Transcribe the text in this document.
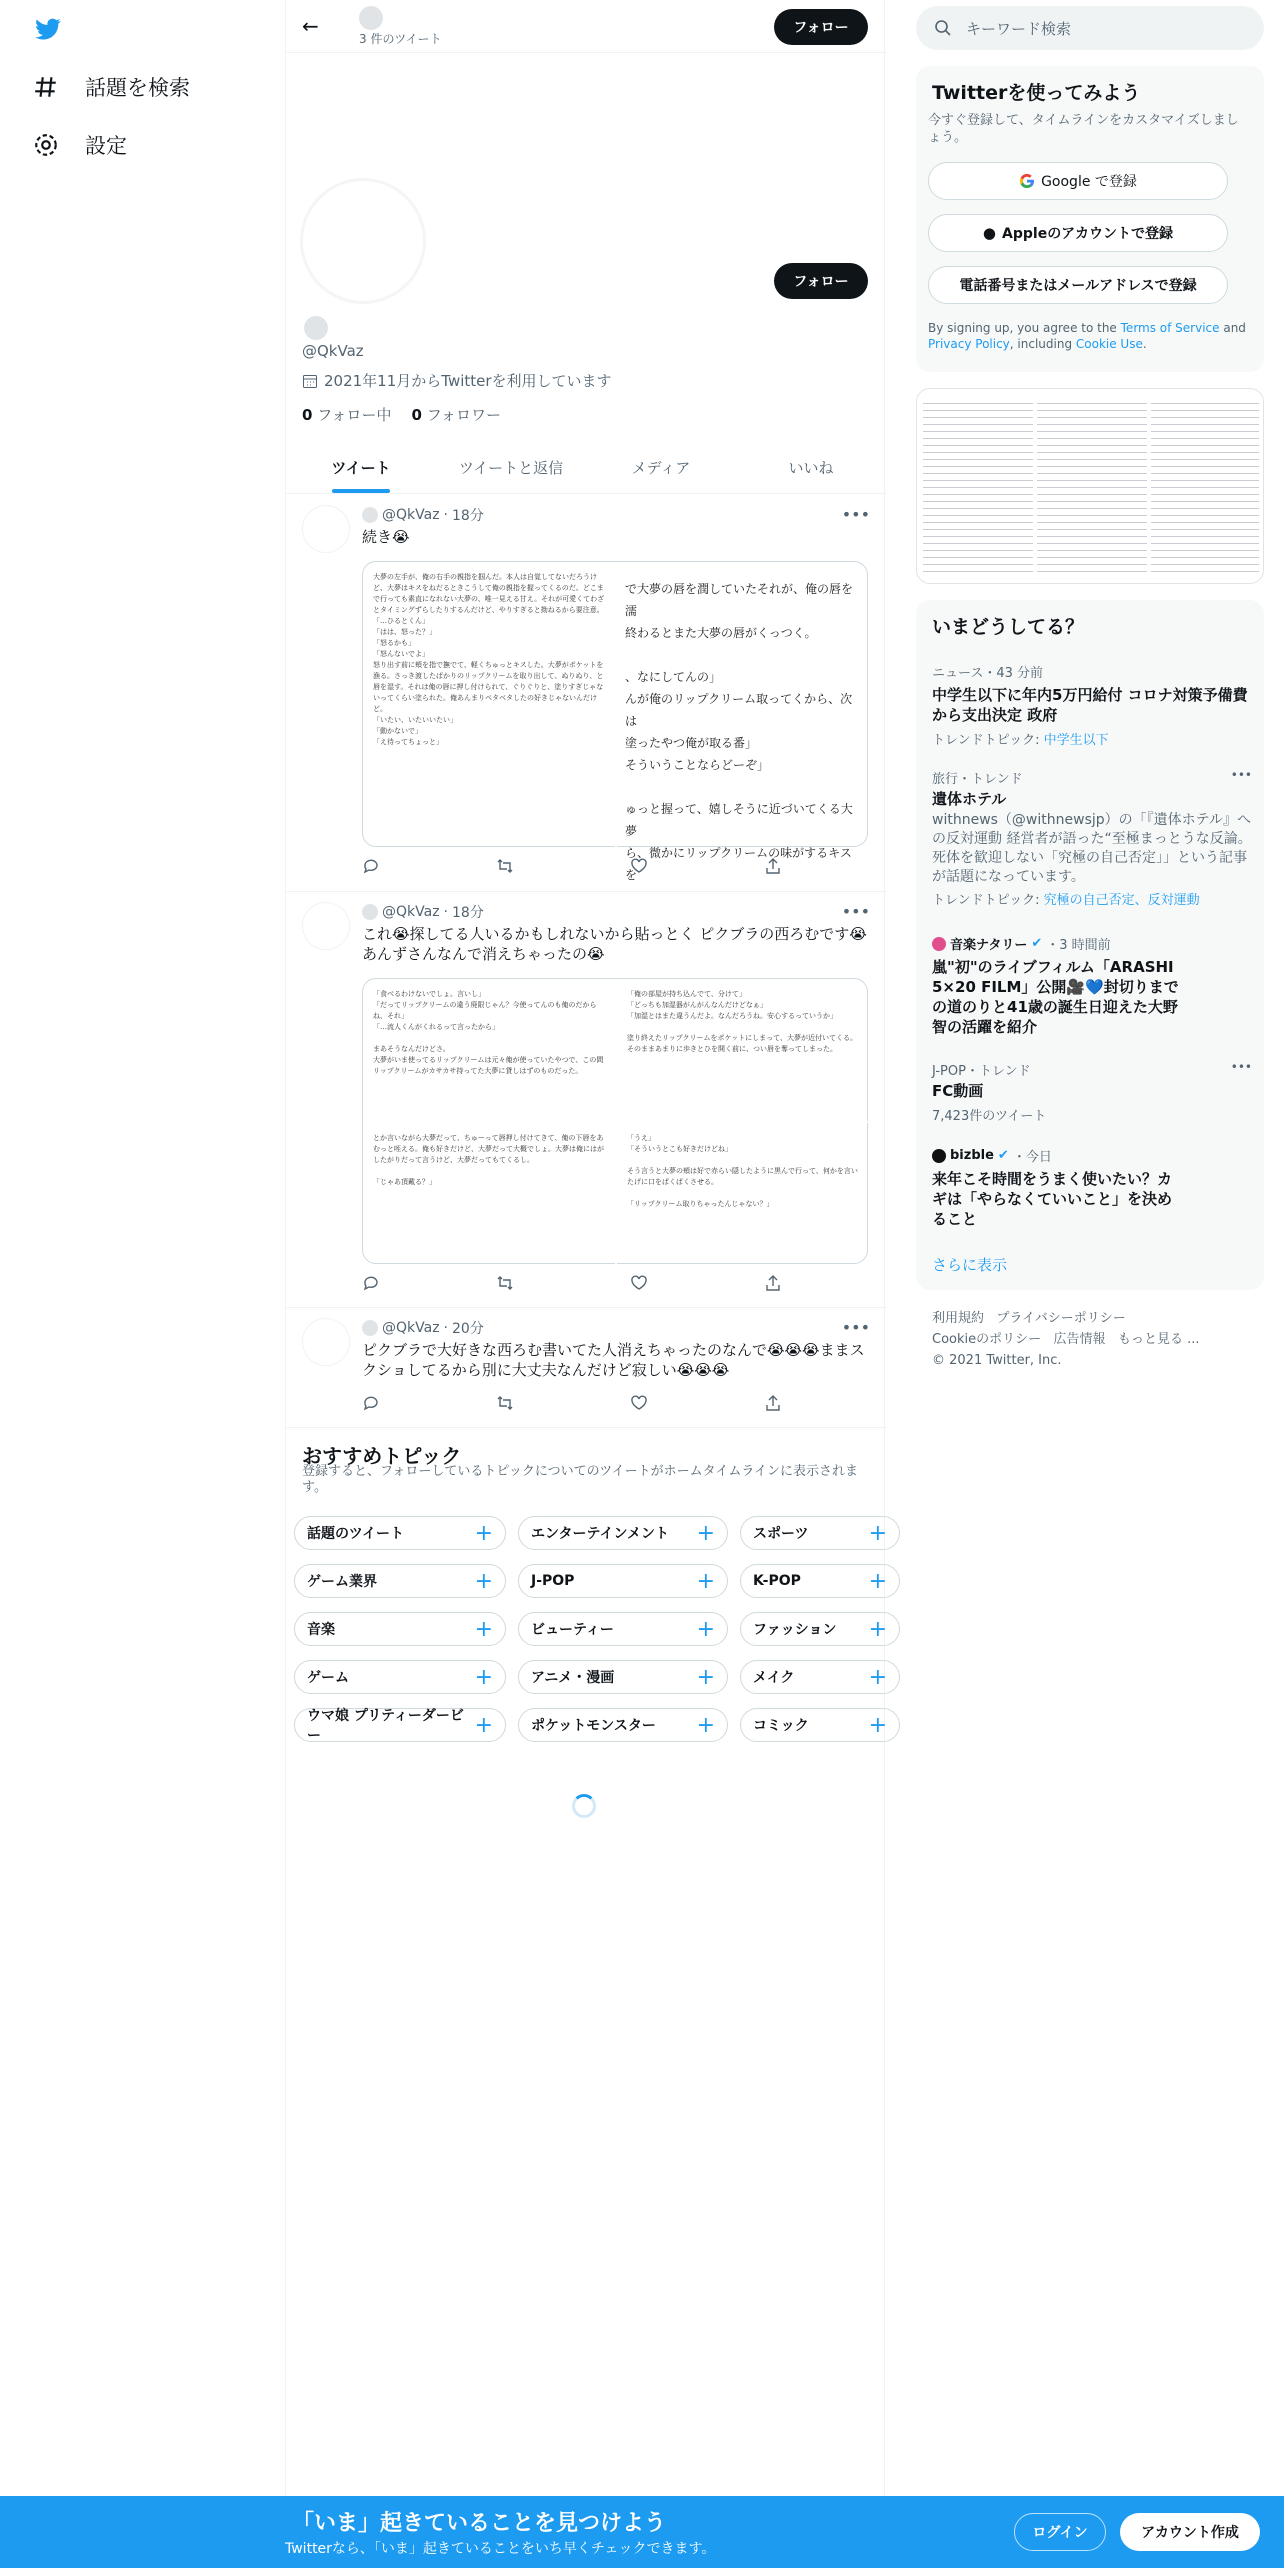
話題を検索
設定
←
3 件のツイート
フォロー
フォロー
@QkVaz
2021年11月からTwitterを利用しています
0 フォロー中 0 フォロワー
ツイート	ツイートと返信	メディア	いいね
@QkVaz · 18分	•••
続き😭
大夢の左手が、俺の右手の親指を掴んだ。本人は自覚してないだろうけど、大夢はキスをねだるときこうして俺の親指を握ってくるのだ。どこまで行っても素直になれない大夢の、唯一見える甘え。それが可愛くてわざとタイミングずらしたりするんだけど、やりすぎると拗ねるから要注意。
「…ひるとくん」
「はは、怒った？」
「怒るかも」
「怒んないでよ」
怒り出す前に頬を指で撫でて、軽くちゅっとキスした。大夢がポケットを漁る。さっき渡したばかりのリップクリームを取り出して、ぬりぬり、と唇を湿す。それは俺の唇に押し付けられて、ぐりぐりと、塗りすぎじゃないってくらい塗られた。俺あんまりベタベタしたの好きじゃないんだけど。
「いたい、いたいいたい」
「動かないで」
「え待ってちょっと」
で大夢の唇を潤していたそれが、俺の唇を濡
終わるとまた大夢の唇がくっつく。

、なにしてんの」
んが俺のリップクリーム取ってくから、次は
塗ったやつ俺が取る番」
そういうことならどーぞ」

ゅっと握って、嬉しそうに近づいてくる大夢
ら、微かにリップクリームの味がするキスを
@QkVaz · 18分	•••
これ😭探してる人いるかもしれないから貼っとく ピクブラの西ろむです😭あんずさんなんで消えちゃったの😭
「食べるわけないでしょ。言いし」
「だってリップクリームの違う廃限じゃん？今使ってんのも俺のだからね、それ」
「…流人くんがくれるって言ったから」

まあそうなんだけどさ。
大夢がいま使ってるリップクリームは元々俺が使っていたやつで、この間リップクリームがカサカサ持ってた大夢に貸しはずのものだった。
「俺の部屋が持ち込んでて、分けて」
「どっちも加湿器がんがんなんだけどなぁ」
「加湿とはまた違うんだよ。なんだろうね。安心するっていうか」

塗り終えたリップクリームをポケットにしまって、大夢が近付いてくる。そのままあまりに歩きとひを開く前に、つい唇を奪ってしまった。
とか言いながら大夢だって、ちゅーって唇押し付けてきて、俺の下唇をあむっと咥える。俺も好きだけど、大夢だって大概でしょ。大夢は俺にはがしたがりだって言うけど、大夢だってもてくるし。

「じゃあ頂戴る？」
「うえ」
「そういうとこも好きだけどね」

そう言うと大夢の頬は好で赤らい隠したように黒んで行って、何かを言いたげに口をぱくぱくさせる。

「リップクリーム取りちゃったんじゃない？」
@QkVaz · 20分	•••
ピクブラで大好きな西ろむ書いてた人消えちゃったのなんで😭😭😭ままスクショしてるから別に大丈夫なんだけど寂しい😭😭😭
おすすめトピック
登録すると、フォローしているトピックについてのツイートがホームタイムラインに表示されます。
話題のツイート	+	エンターテインメント +	スポーツ	+
ゲーム業界	+	J-POP	+	K-POP	+
音楽	+	ビューティー	+	ファッション +
ゲーム	+	アニメ・漫画	+	メイク	+
ウマ娘 プリティーダービー	+	ポケットモンスター +	コミック	+
キーワード検索
Twitterを使ってみよう
今すぐ登録して、タイムラインをカスタマイズしましょう。
Google で登録
● Appleのアカウントで登録
電話番号またはメールアドレスで登録
By signing up, you agree to the Terms of Service and Privacy Policy, including Cookie Use.
いまどうしてる？
ニュース・43 分前
中学生以下に年内5万円給付 コロナ対策予備費から支出決定 政府
トレンドトピック: 中学生以下
旅行・トレンド	•••
遺体ホテル
withnews（@withnewsjp）の「『遺体ホテル』への反対運動 経営者が語った“至極まっとうな反論。 死体を歓迎しない「究極の自己否定」」という記事が話題になっています。
トレンドトピック: 究極の自己否定、反対運動
音楽ナタリー ✔ ・3 時間前
嵐"初"のライブフィルム「ARASHI 5×20 FILM」公開🎥💙封切りまでの道のりと41歳の誕生日迎えた大野智の活躍を紹介
J-POP・トレンド	•••
FC動画
7,423件のツイート
bizble ✔ ・今日
来年こそ時間をうまく使いたい？カギは「やらなくていいこと」を決めること
さらに表示
利用規約 プライバシーポリシー
Cookieのポリシー 広告情報 もっと見る ...
© 2021 Twitter, Inc.
「いま」起きていることを見つけよう
Twitterなら、「いま」起きていることをいち早くチェックできます。
ログイン	アカウント作成
